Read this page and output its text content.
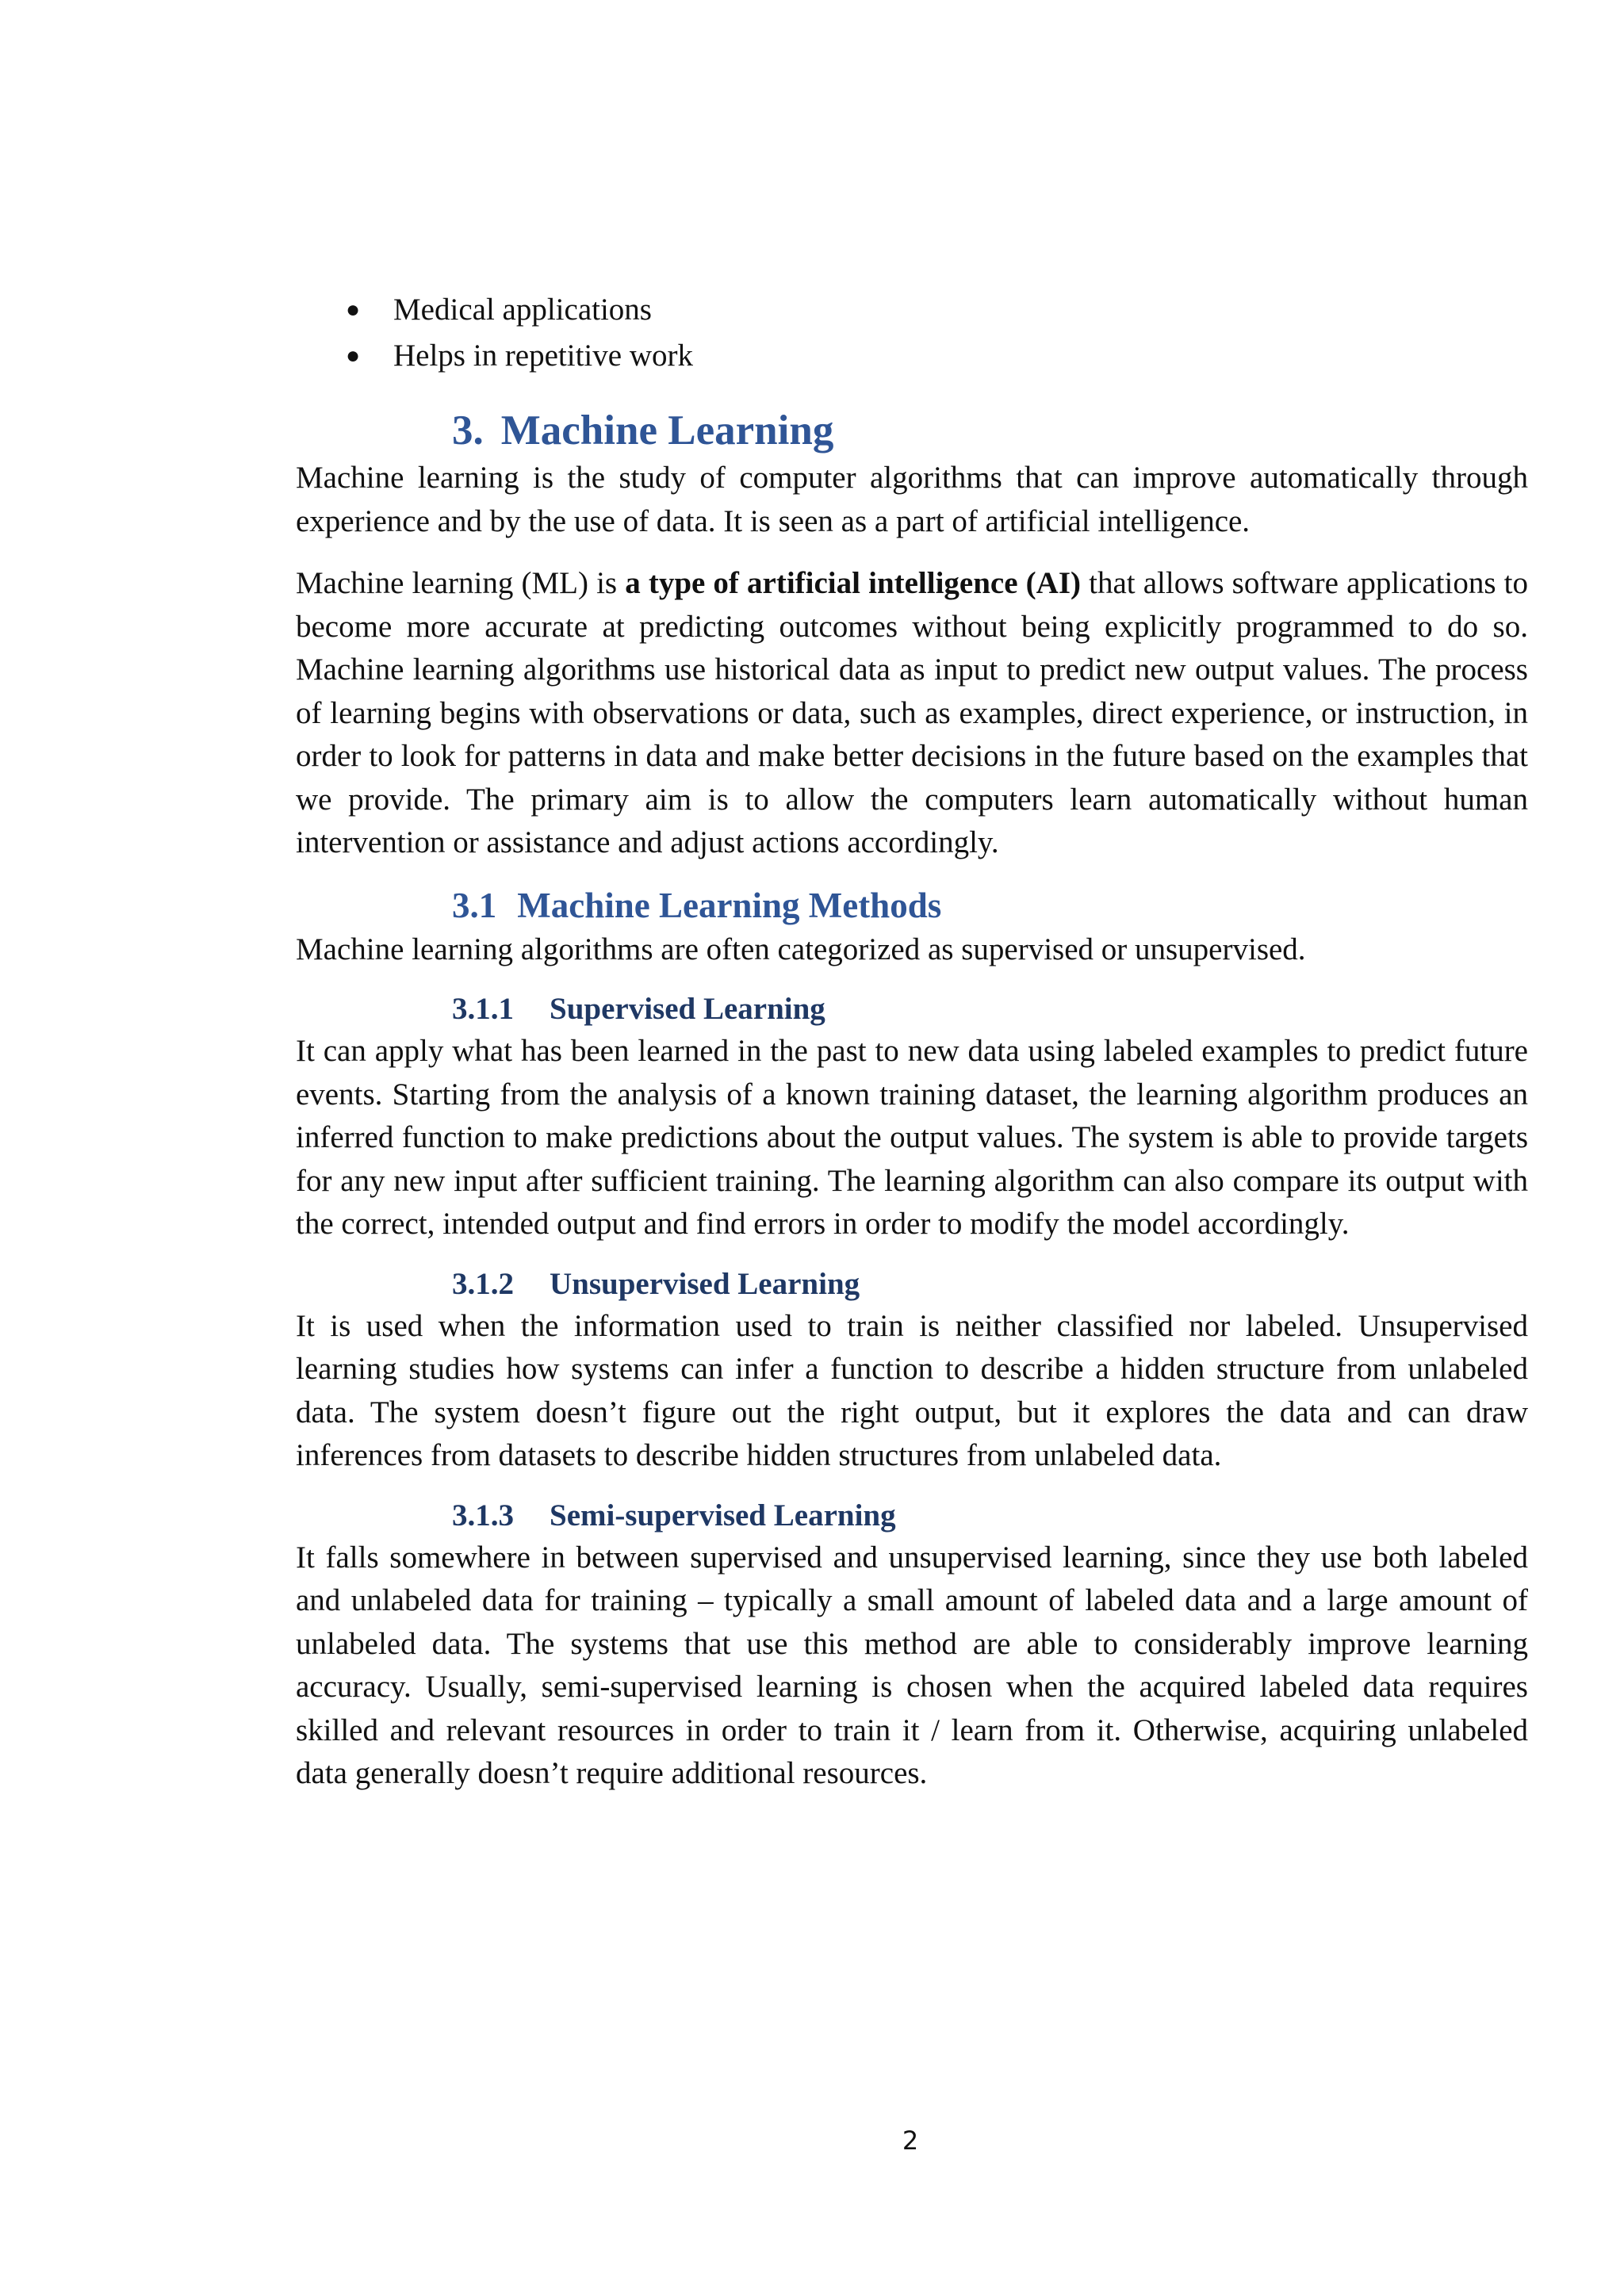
● Medical applications
● Helps in repetitive work
3. Machine Learning

Machine learning is the study of computer algorithms that can improve automatically through experience and by the use of data. It is seen as a part of artificial intelligence.

Machine learning (ML) is a type of artificial intelligence (AI) that allows software applications to become more accurate at predicting outcomes without being explicitly programmed to do so. Machine learning algorithms use historical data as input to predict new output values. The process of learning begins with observations or data, such as examples, direct experience, or instruction, in order to look for patterns in data and make better decisions in the future based on the examples that we provide. The primary aim is to allow the computers learn automatically without human intervention or assistance and adjust actions accordingly.

3.1 Machine Learning Methods

Machine learning algorithms are often categorized as supervised or unsupervised.

3.1.1 Supervised Learning

It can apply what has been learned in the past to new data using labeled examples to predict future events. Starting from the analysis of a known training dataset, the learning algorithm produces an inferred function to make predictions about the output values. The system is able to provide targets for any new input after sufficient training. The learning algorithm can also compare its output with the correct, intended output and find errors in order to modify the model accordingly.

3.1.2 Unsupervised Learning

It is used when the information used to train is neither classified nor labeled. Unsupervised learning studies how systems can infer a function to describe a hidden structure from unlabeled data. The system doesn’t figure out the right output, but it explores the data and can draw inferences from datasets to describe hidden structures from unlabeled data.

3.1.3 Semi-supervised Learning

It falls somewhere in between supervised and unsupervised learning, since they use both labeled and unlabeled data for training – typically a small amount of labeled data and a large amount of unlabeled data. The systems that use this method are able to considerably improve learning accuracy. Usually, semi-supervised learning is chosen when the acquired labeled data requires skilled and relevant resources in order to train it / learn from it. Otherwise, acquiring unlabeled data generally doesn’t require additional resources.

2
